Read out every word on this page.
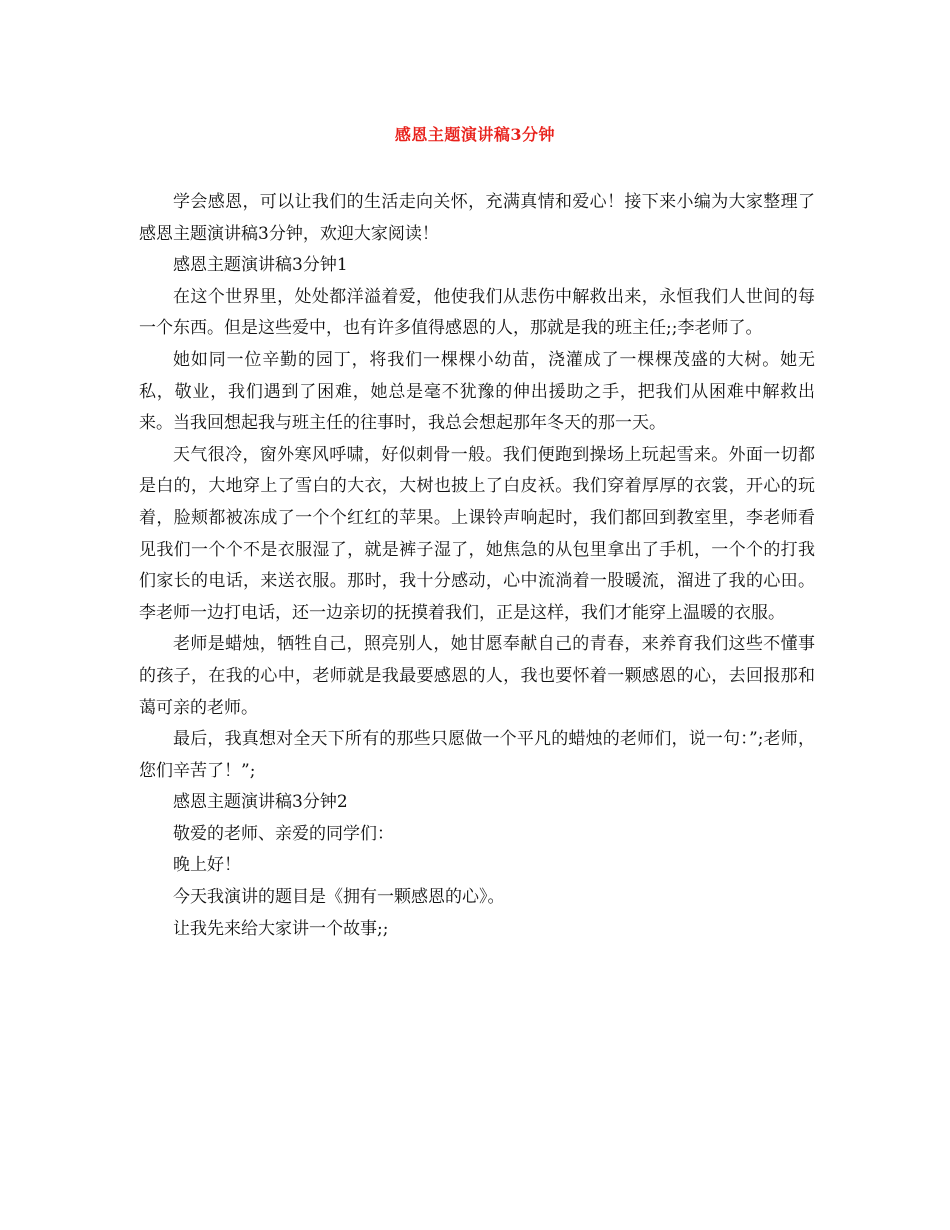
感恩主题演讲稿3分钟

学会感恩，可以让我们的生活走向关怀，充满真情和爱心！接下来小编为大家整理了感恩主题演讲稿3分钟，欢迎大家阅读！

感恩主题演讲稿3分钟1

在这个世界里，处处都洋溢着爱，他使我们从悲伤中解救出来，永恒我们人世间的每一个东西。但是这些爱中，也有许多值得感恩的人，那就是我的班主任;;李老师了。

她如同一位辛勤的园丁，将我们一棵棵小幼苗，浇灌成了一棵棵茂盛的大树。她无私，敬业，我们遇到了困难，她总是毫不犹豫的伸出援助之手，把我们从困难中解救出来。当我回想起我与班主任的往事时，我总会想起那年冬天的那一天。

天气很冷，窗外寒风呼啸，好似刺骨一般。我们便跑到操场上玩起雪来。外面一切都是白的，大地穿上了雪白的大衣，大树也披上了白皮袄。我们穿着厚厚的衣裳，开心的玩着，脸颊都被冻成了一个个红红的苹果。上课铃声响起时，我们都回到教室里，李老师看见我们一个个不是衣服湿了，就是裤子湿了，她焦急的从包里拿出了手机，一个个的打我们家长的电话，来送衣服。那时，我十分感动，心中流淌着一股暖流，溜进了我的心田。李老师一边打电话，还一边亲切的抚摸着我们，正是这样，我们才能穿上温暖的衣服。

老师是蜡烛，牺牲自己，照亮别人，她甘愿奉献自己的青春，来养育我们这些不懂事的孩子，在我的心中，老师就是我最要感恩的人，我也要怀着一颗感恩的心，去回报那和蔼可亲的老师。

最后，我真想对全天下所有的那些只愿做一个平凡的蜡烛的老师们，说一句：”;老师，您们辛苦了！”;

感恩主题演讲稿3分钟2

敬爱的老师、亲爱的同学们：

晚上好！

今天我演讲的题目是《拥有一颗感恩的心》。

让我先来给大家讲一个故事;;
